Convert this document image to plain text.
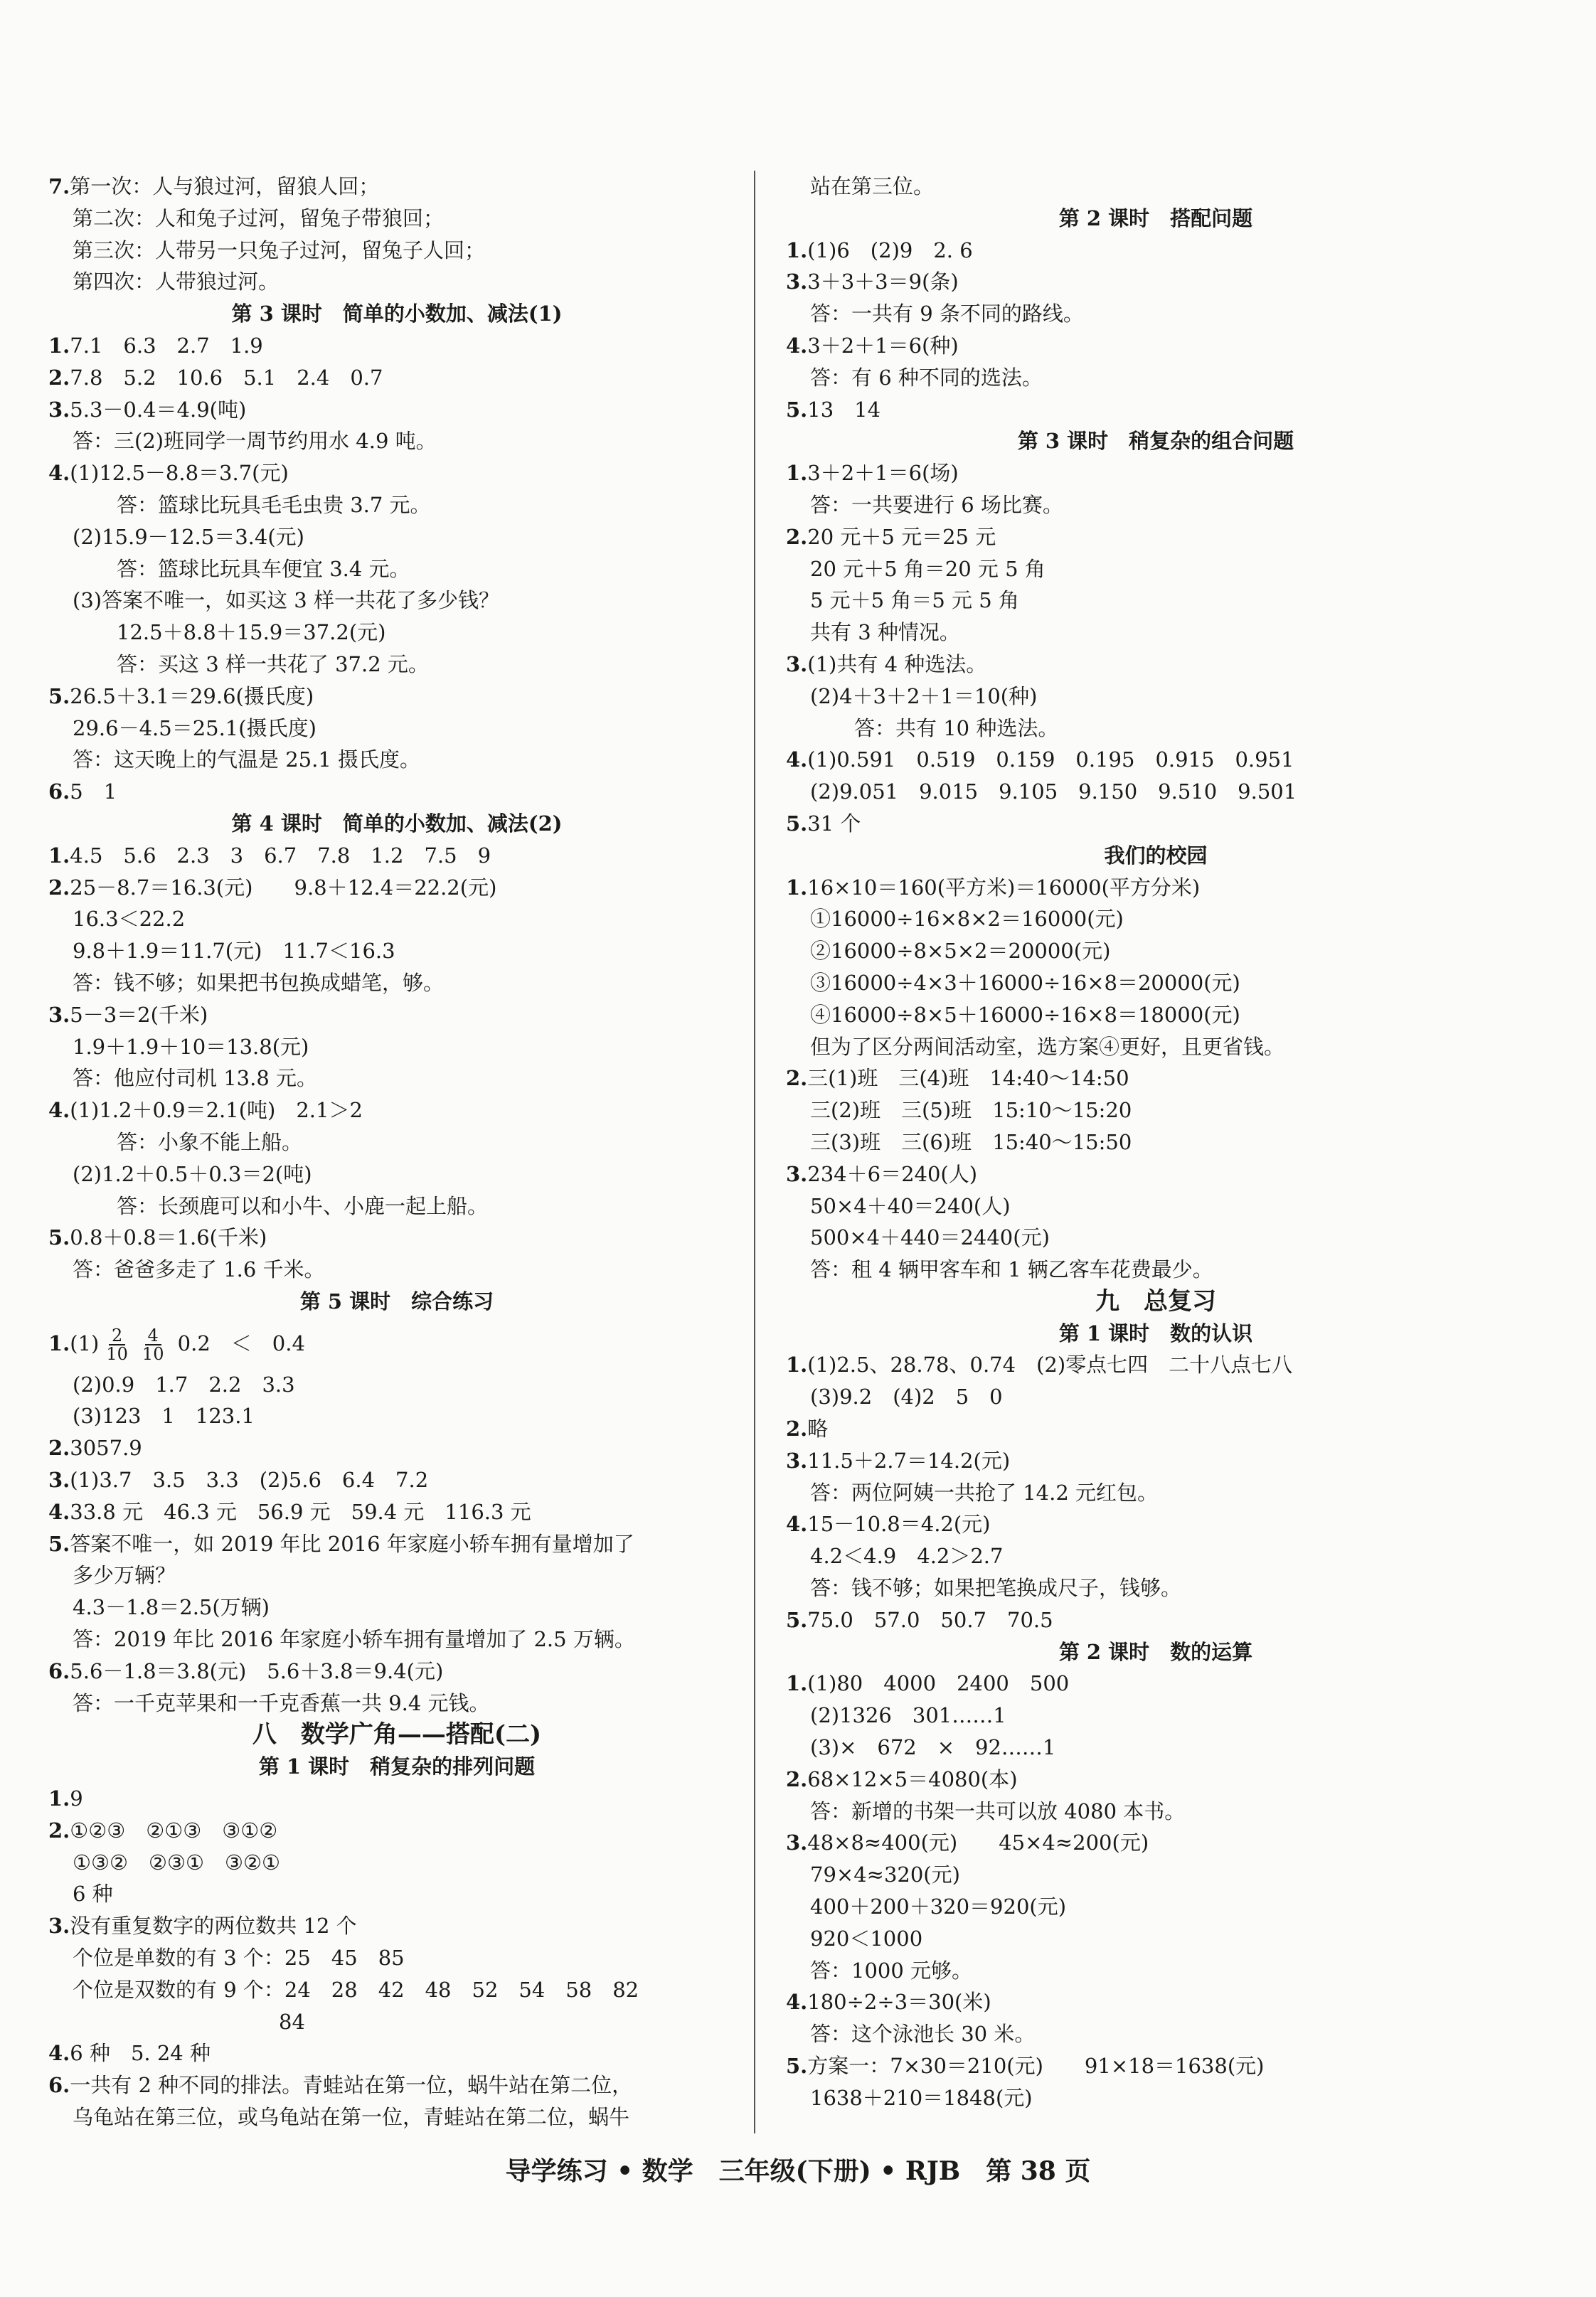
7.第一次：人与狼过河，留狼人回；
第二次：人和兔子过河，留兔子带狼回；
第三次：人带另一只兔子过河，留兔子人回；
第四次：人带狼过河。
第 3 课时　简单的小数加、减法(1)
1.7.1　6.3　2.7　1.9
2.7.8　5.2　10.6　5.1　2.4　0.7
3.5.3－0.4＝4.9(吨)
答：三(2)班同学一周节约用水 4.9 吨。
4.(1)12.5－8.8＝3.7(元)
答：篮球比玩具毛毛虫贵 3.7 元。
(2)15.9－12.5＝3.4(元)
答：篮球比玩具车便宜 3.4 元。
(3)答案不唯一，如买这 3 样一共花了多少钱？
12.5＋8.8＋15.9＝37.2(元)
答：买这 3 样一共花了 37.2 元。
5.26.5＋3.1＝29.6(摄氏度)
29.6－4.5＝25.1(摄氏度)
答：这天晚上的气温是 25.1 摄氏度。
6.5　1
第 4 课时　简单的小数加、减法(2)
1.4.5　5.6　2.3　3　6.7　7.8　1.2　7.5　9
2.25－8.7＝16.3(元)　　9.8＋12.4＝22.2(元)
16.3＜22.2
9.8＋1.9＝11.7(元)　11.7＜16.3
答：钱不够；如果把书包换成蜡笔，够。
3.5－3＝2(千米)
1.9＋1.9＋10＝13.8(元)
答：他应付司机 13.8 元。
4.(1)1.2＋0.9＝2.1(吨)　2.1＞2
答：小象不能上船。
(2)1.2＋0.5＋0.3＝2(吨)
答：长颈鹿可以和小牛、小鹿一起上船。
5.0.8＋0.8＝1.6(千米)
答：爸爸多走了 1.6 千米。
第 5 课时　综合练习
$1.(1) \frac{2}{10} \frac{4}{10} 0.2$　＜　0.4
(2)0.9　1.7　2.2　3.3
(3)123　1　123.1
2.3057.9
3.(1)3.7　3.5　3.3　(2)5.6　6.4　7.2
4.33.8 元　46.3 元　56.9 元　59.4 元　116.3 元
5.答案不唯一，如 2019 年比 2016 年家庭小轿车拥有量增加了
多少万辆？
4.3－1.8＝2.5(万辆)
答：2019 年比 2016 年家庭小轿车拥有量增加了 2.5 万辆。
6.5.6－1.8＝3.8(元)　5.6＋3.8＝9.4(元)
答：一千克苹果和一千克香蕉一共 9.4 元钱。
八　数学广角——搭配(二)
第 1 课时　稍复杂的排列问题
1.9
2.①②③　②①③　③①②
①③②　②③①　③②①
6 种
3.没有重复数字的两位数共 12 个
个位是单数的有 3 个：25　45　85
个位是双数的有 9 个：24　28　42　48　52　54　58　82
　　　　　　84
4.6 种　5. 24 种
6.一共有 2 种不同的排法。青蛙站在第一位，蜗牛站在第二位，
乌龟站在第三位，或乌龟站在第一位，青蛙站在第二位，蜗牛
站在第三位。
第 2 课时　搭配问题
1.(1)6　(2)9　2. 6
3.3＋3＋3＝9(条)
答：一共有 9 条不同的路线。
4.3＋2＋1＝6(种)
答：有 6 种不同的选法。
5.13　14
第 3 课时　稍复杂的组合问题
1.3＋2＋1＝6(场)
答：一共要进行 6 场比赛。
2.20 元＋5 元＝25 元
20 元＋5 角＝20 元 5 角
5 元＋5 角＝5 元 5 角
共有 3 种情况。
3.(1)共有 4 种选法。
(2)4＋3＋2＋1＝10(种)
答：共有 10 种选法。
4.(1)0.591　0.519　0.159　0.195　0.915　0.951
(2)9.051　9.015　9.105　9.150　9.510　9.501
5.31 个
我们的校园
1.16×10＝160(平方米)＝16000(平方分米)
①16000÷16×8×2＝16000(元)
②16000÷8×5×2＝20000(元)
③16000÷4×3＋16000÷16×8＝20000(元)
④16000÷8×5＋16000÷16×8＝18000(元)
但为了区分两间活动室，选方案④更好，且更省钱。
2.三(1)班　三(4)班　14:40～14:50
三(2)班　三(5)班　15:10～15:20
三(3)班　三(6)班　15:40～15:50
3.234＋6＝240(人)
50×4＋40＝240(人)
500×4＋440＝2440(元)
答：租 4 辆甲客车和 1 辆乙客车花费最少。
九　总复习
第 1 课时　数的认识
1.(1)2.5、28.78、0.74　(2)零点七四　二十八点七八
(3)9.2　(4)2　5　0
2.略
3.11.5＋2.7＝14.2(元)
答：两位阿姨一共抢了 14.2 元红包。
4.15－10.8＝4.2(元)
4.2＜4.9　4.2＞2.7
答：钱不够；如果把笔换成尺子，钱够。
5.75.0　57.0　50.7　70.5
第 2 课时　数的运算
1.(1)80　4000　2400　500
(2)1326　301……1
(3)×　672　×　92……1
2.68×12×5＝4080(本)
答：新增的书架一共可以放 4080 本书。
3.48×8≈400(元)　　45×4≈200(元)
79×4≈320(元)
400＋200＋320＝920(元)
920＜1000
答：1000 元够。
4.180÷2÷3＝30(米)
答：这个泳池长 30 米。
5.方案一：7×30＝210(元)　　91×18＝1638(元)
1638＋210＝1848(元)
导学练习 • 数学　三年级(下册) • RJB　第 38 页
